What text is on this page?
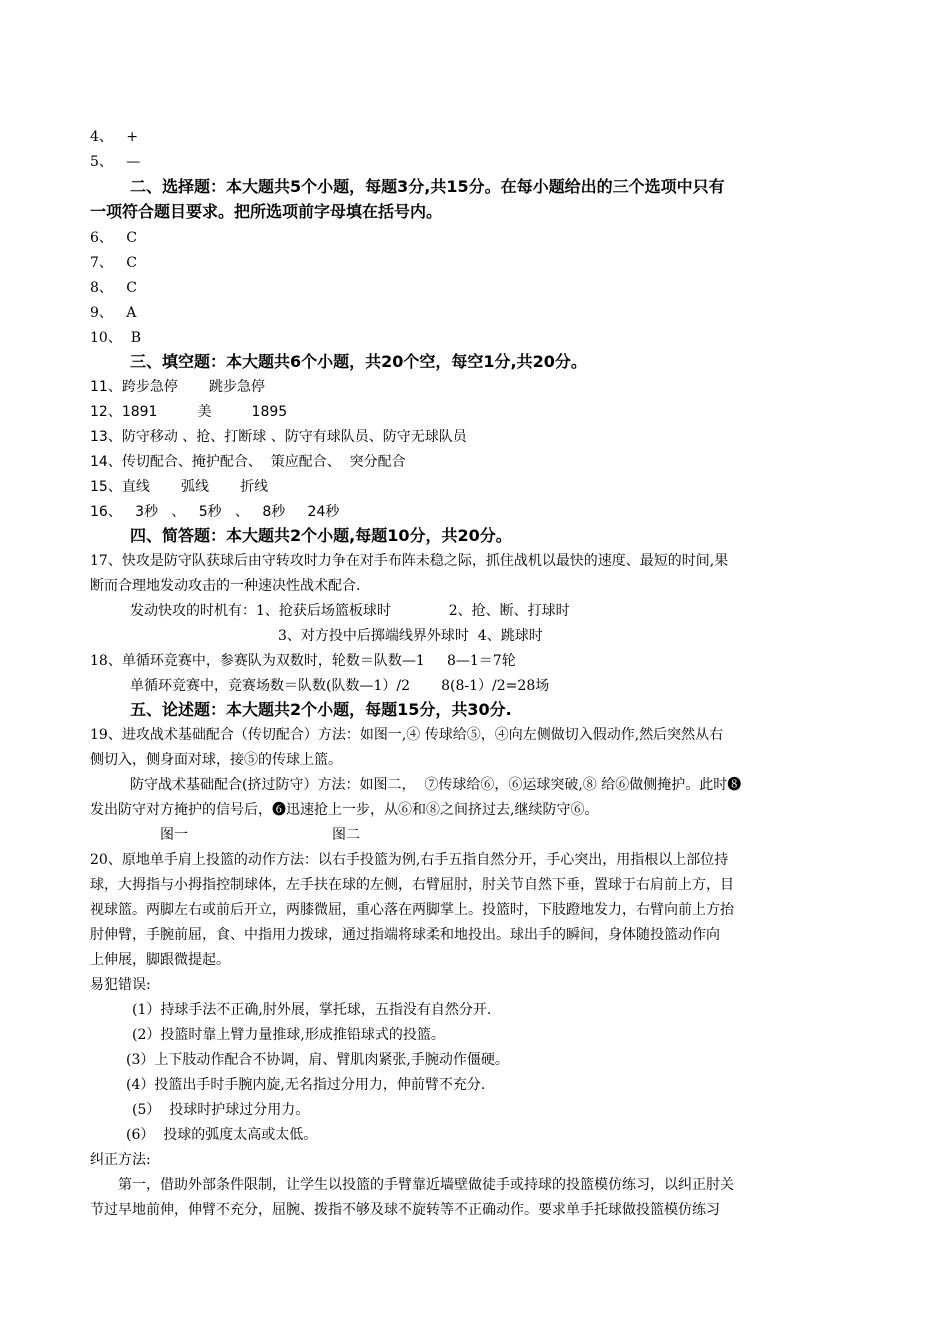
4、   +
5、   —
二、选择题：本大题共5个小题，每题3分,共15分。在每小题给出的三个选项中只有
一项符合题目要求。把所选项前字母填在括号内。
6、   C
7、   C
8、   C
9、   A
10、  B
三、填空题：本大题共6个小题，共20个空，每空1分,共20分。
11、跨步急停       跳步急停
12、1891         美         1895
13、防守移动 、抢、打断球 、防守有球队员、防守无球队员
14、传切配合、掩护配合、  策应配合、  突分配合
15、直线       弧线       折线
16、   3秒   、   5秒   、   8秒     24秒
四、简答题：本大题共2个小题,每题10分，共20分。
17、快攻是防守队获球后由守转攻时力争在对手布阵未稳之际，抓住战机以最快的速度、最短的时间,果
断而合理地发动攻击的一种速决性战术配合.
发动快攻的时机有：1、抢获后场篮板球时             2、抢、断、打球时
3、对方投中后掷端线界外球时  4、跳球时
18、单循环竞赛中，参赛队为双数时，轮数＝队数—1     8—1＝7轮
单循环竞赛中，竞赛场数＝队数(队数—1）/2       8(8-1）/2=28场
五、论述题：本大题共2个小题，每题15分，共30分.
19、进攻战术基础配合（传切配合）方法：如图一,④ 传球给⑤，④向左侧做切入假动作,然后突然从右
侧切入，侧身面对球，接⑤的传球上篮。
防守战术基础配合(挤过防守）方法：如图二，  ⑦传球给⑥，⑥运球突破,⑧ 给⑥做侧掩护。此时❽
发出防守对方掩护的信号后，❻迅速抢上一步，从⑥和⑧之间挤过去,继续防守⑥。
图一	图二
20、原地单手肩上投篮的动作方法：以右手投篮为例,右手五指自然分开，手心突出，用指根以上部位持
球，大拇指与小拇指控制球体，左手扶在球的左侧，右臂屈肘，肘关节自然下垂，置球于右肩前上方，目
视球篮。两脚左右或前后开立，两膝微屈，重心落在两脚掌上。投篮时，下肢蹬地发力，右臂向前上方抬
肘伸臂，手腕前屈，食、中指用力拨球，通过指端将球柔和地投出。球出手的瞬间，身体随投篮动作向
上伸展，脚跟微提起。
易犯错误:
(1）持球手法不正确,肘外展，掌托球，五指没有自然分开.
(2）投篮时靠上臂力量推球,形成推铅球式的投篮。
(3）上下肢动作配合不协调，肩、臂肌肉紧张,手腕动作僵硬。
(4）投篮出手时手腕内旋,无名指过分用力，伸前臂不充分.
(5）  投球时护球过分用力。
(6）  投球的弧度太高或太低。
纠正方法:
第一，借助外部条件限制，让学生以投篮的手臂靠近墙壁做徒手或持球的投篮模仿练习，以纠正肘关
节过早地前伸，伸臂不充分，屈腕、拨指不够及球不旋转等不正确动作。要求单手托球做投篮模仿练习
